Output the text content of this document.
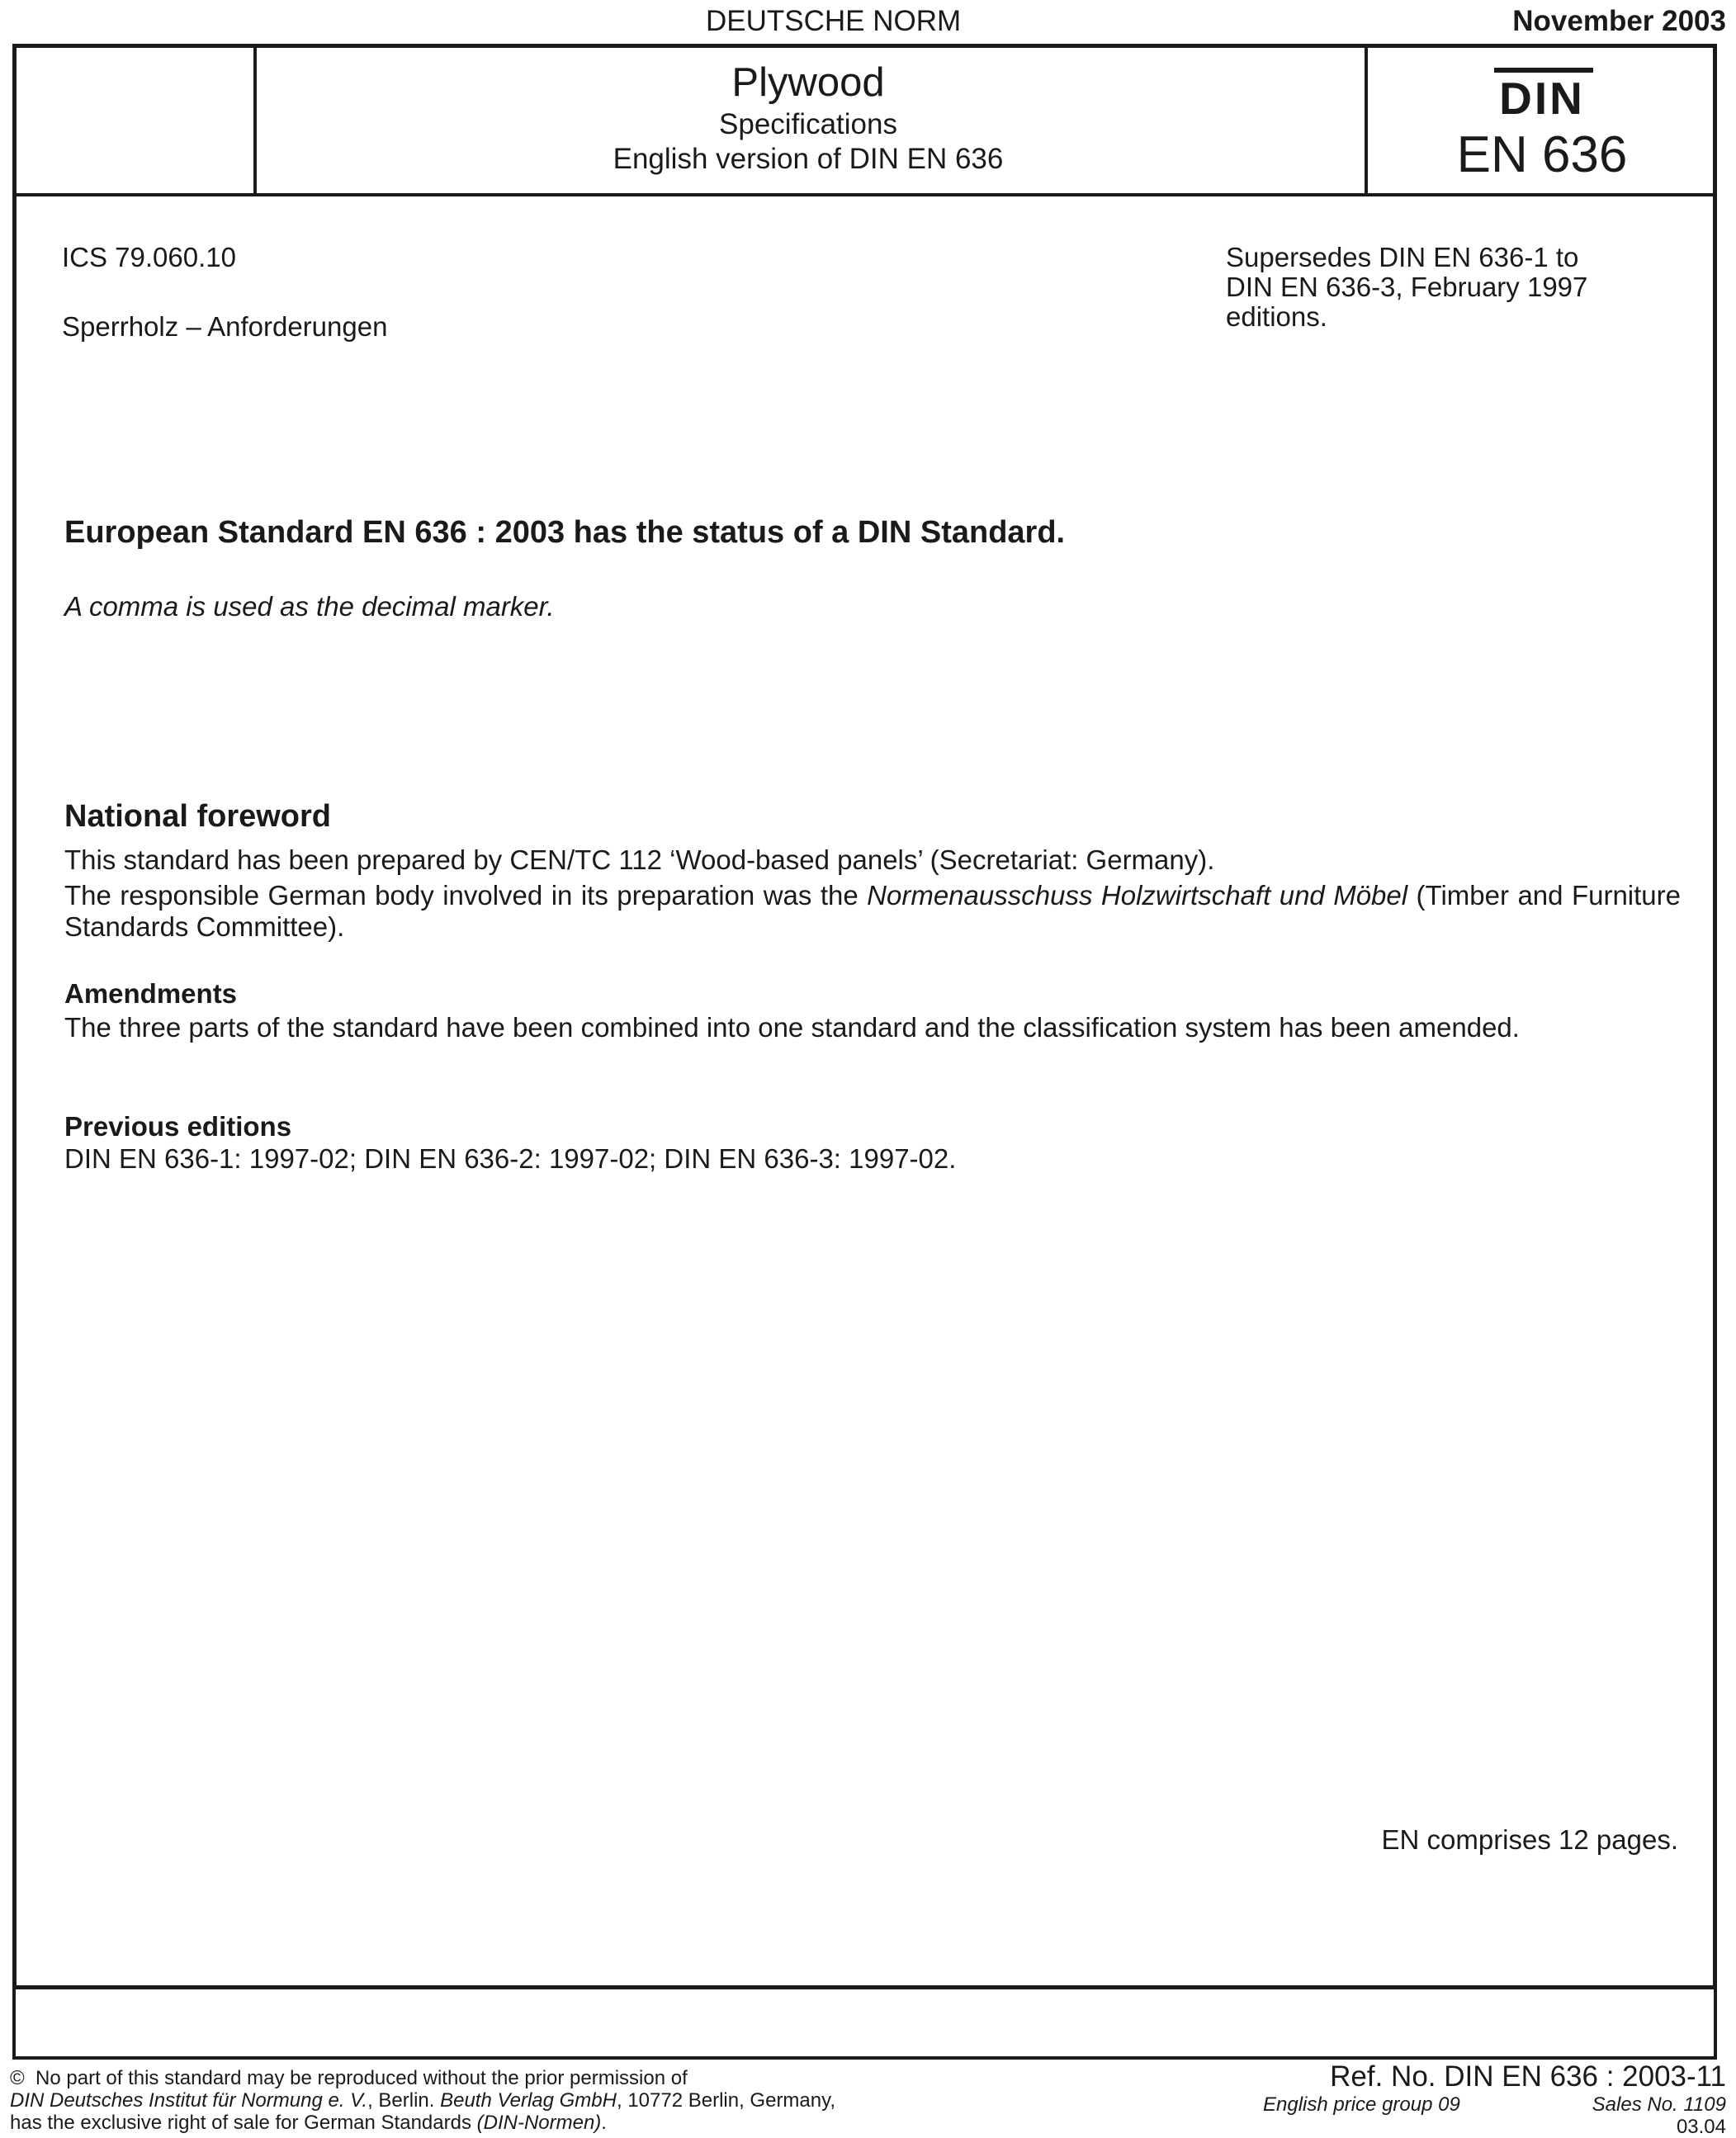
DEUTSCHE NORM	November 2003
Plywood
Specifications
English version of DIN EN 636
DIN
EN 636
ICS 79.060.10
Sperrholz – Anforderungen
Supersedes DIN EN 636-1 to
DIN EN 636-3, February 1997
editions.
European Standard EN 636 : 2003 has the status of a DIN Standard.
A comma is used as the decimal marker.
National foreword
This standard has been prepared by CEN/TC 112 ‘Wood-based panels’ (Secretariat: Germany).
The responsible German body involved in its preparation was the Normenausschuss Holzwirtschaft und Möbel (Timber and Furniture Standards Committee).
Amendments
The three parts of the standard have been combined into one standard and the classification system has been amended.
Previous editions
DIN EN 636-1: 1997-02; DIN EN 636-2: 1997-02; DIN EN 636-3: 1997-02.
EN comprises 12 pages.
© No part of this standard may be reproduced without the prior permission of
DIN Deutsches Institut für Normung e. V., Berlin. Beuth Verlag GmbH, 10772 Berlin, Germany,
has the exclusive right of sale for German Standards (DIN-Normen).
Ref. No. DIN EN 636 : 2003-11
English price group 09	Sales No. 1109
03.04
